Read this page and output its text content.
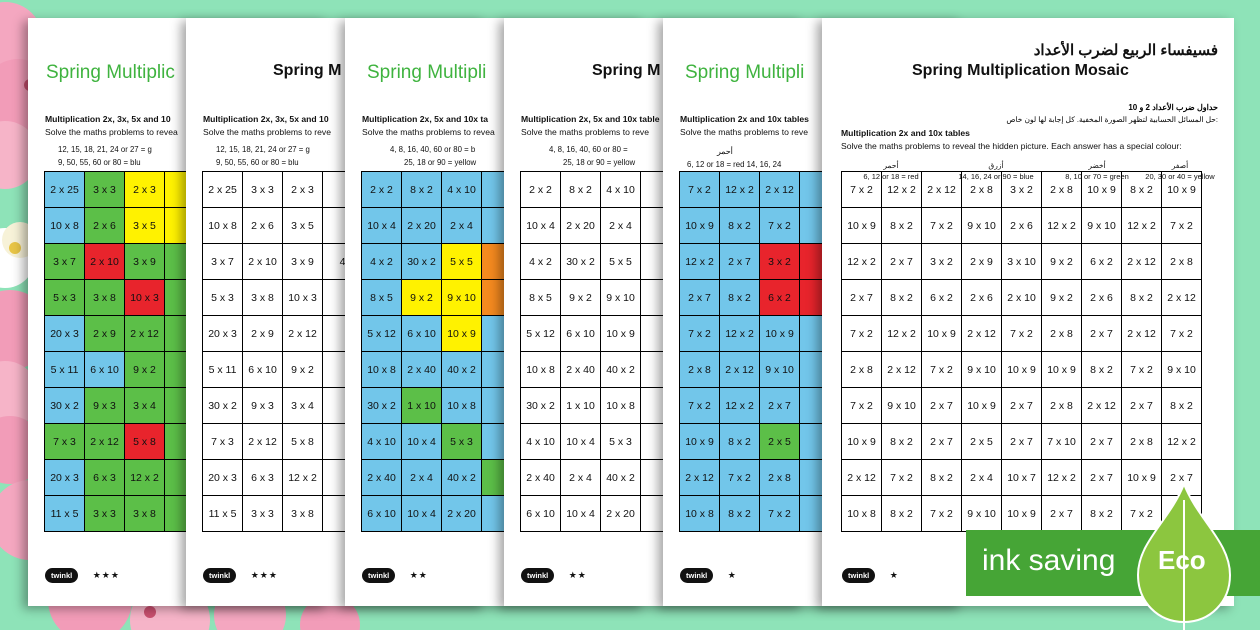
Spring Multiplic
Multiplication 2x, 3x, 5x and 10
Solve the maths problems to revea
12, 15, 18, 21, 24 or 27 = g
9, 50, 55, 60 or 80 = blu
2 x 25	3 x 3	2 x 3	
10 x 8	2 x 6	3 x 5	
3 x 7	2 x 10	3 x 9	
5 x 3	3 x 8	10 x 3	
20 x 3	2 x 9	2 x 12	
5 x 11	6 x 10	9 x 2	
30 x 2	9 x 3	3 x 4	
7 x 3	2 x 12	5 x 8	
20 x 3	6 x 3	12 x 2	
11 x 5	3 x 3	3 x 8	
twinkl ★★★
Spring M
Multiplication 2x, 3x, 5x and 10
Solve the maths problems to reve
12, 15, 18, 21, 24 or 27 = g
9, 50, 55, 60 or 80 = blu
2 x 25	3 x 3	2 x 3	
10 x 8	2 x 6	3 x 5	
3 x 7	2 x 10	3 x 9	4
5 x 3	3 x 8	10 x 3	
20 x 3	2 x 9	2 x 12	
5 x 11	6 x 10	9 x 2	
30 x 2	9 x 3	3 x 4	
7 x 3	2 x 12	5 x 8	
20 x 3	6 x 3	12 x 2	
11 x 5	3 x 3	3 x 8	
twinkl ★★★
Spring Multipli
Multiplication 2x, 5x and 10x ta
Solve the maths problems to revea
4, 8, 16, 40, 60 or 80 = b
25, 18 or 90 = yellow
2 x 2	8 x 2	4 x 10	
10 x 4	2 x 20	2 x 4	
4 x 2	30 x 2	5 x 5	
8 x 5	9 x 2	9 x 10	
5 x 12	6 x 10	10 x 9	
10 x 8	2 x 40	40 x 2	
30 x 2	1 x 10	10 x 8	
4 x 10	10 x 4	5 x 3	
2 x 40	2 x 4	40 x 2	
6 x 10	10 x 4	2 x 20	
twinkl ★★
Spring M
Multiplication 2x, 5x and 10x table
Solve the maths problems to reve
4, 8, 16, 40, 60 or 80 =
25, 18 or 90 = yellow
2 x 2	8 x 2	4 x 10	
10 x 4	2 x 20	2 x 4	
4 x 2	30 x 2	5 x 5	
8 x 5	9 x 2	9 x 10	
5 x 12	6 x 10	10 x 9	
10 x 8	2 x 40	40 x 2	
30 x 2	1 x 10	10 x 8	
4 x 10	10 x 4	5 x 3	
2 x 40	2 x 4	40 x 2	
6 x 10	10 x 4	2 x 20	
twinkl ★★
Spring Multipli
Multiplication 2x and 10x tables
Solve the maths problems to reve
أحمر
6, 12 or 18 = red 14, 16, 24
7 x 2	12 x 2	2 x 12	
10 x 9	8 x 2	7 x 2	
12 x 2	2 x 7	3 x 2	
2 x 7	8 x 2	6 x 2	
7 x 2	12 x 2	10 x 9	
2 x 8	2 x 12	9 x 10	
7 x 2	12 x 2	2 x 7	
10 x 9	8 x 2	2 x 5	
2 x 12	7 x 2	2 x 8	
10 x 8	8 x 2	7 x 2	
twinkl ★
فسيفساء الربيع لضرب الأعداد
Spring Multiplication Mosaic
حداول ضرب الأعداد 2 و 10
حل المسائل الحسابية لتظهر الصورة المخفية. كل إجابة لها لون خاص:
Multiplication 2x and 10x tables
Solve the maths problems to reveal the hidden picture. Each answer has a special colour:
أحمر
6, 12 or 18 = red
أزرق
14, 16, 24 or 90 = blue
أخضر
8, 10 or 70 = green
أصفر
20, 30 or 40 = yellow
7 x 2	12 x 2	2 x 12	2 x 8	3 x 2	2 x 8	10 x 9	8 x 2	10 x 9
10 x 9	8 x 2	7 x 2	9 x 10	2 x 6	12 x 2	9 x 10	12 x 2	7 x 2
12 x 2	2 x 7	3 x 2	2 x 9	3 x 10	9 x 2	6 x 2	2 x 12	2 x 8
2 x 7	8 x 2	6 x 2	2 x 6	2 x 10	9 x 2	2 x 6	8 x 2	2 x 12
7 x 2	12 x 2	10 x 9	2 x 12	7 x 2	2 x 8	2 x 7	2 x 12	7 x 2
2 x 8	2 x 12	7 x 2	9 x 10	10 x 9	10 x 9	8 x 2	7 x 2	9 x 10
7 x 2	9 x 10	2 x 7	10 x 9	2 x 7	2 x 8	2 x 12	2 x 7	8 x 2
10 x 9	8 x 2	2 x 7	2 x 5	2 x 7	7 x 10	2 x 7	2 x 8	12 x 2
2 x 12	7 x 2	8 x 2	2 x 4	10 x 7	12 x 2	2 x 7	10 x 9	2 x 7
10 x 8	8 x 2	7 x 2	9 x 10	10 x 9	2 x 7	8 x 2	7 x 2	
twinkl ★	ink saving Eco
